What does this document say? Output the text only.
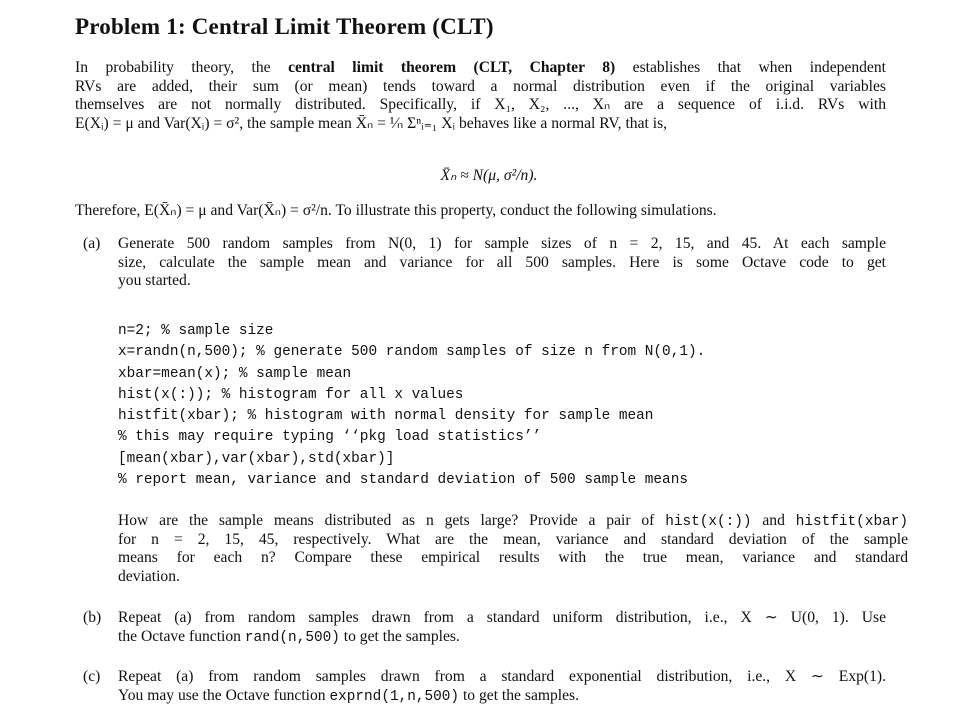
Problem 1: Central Limit Theorem (CLT)
In probability theory, the central limit theorem (CLT, Chapter 8) establishes that when independent
RVs are added, their sum (or mean) tends toward a normal distribution even if the original variables
themselves are not normally distributed. Specifically, if X₁, X₂, ..., Xₙ are a sequence of i.i.d. RVs with
E(Xᵢ) = μ and Var(Xᵢ) = σ², the sample mean X̄ₙ = ¹⁄ₙ Σⁿᵢ₌₁ Xᵢ behaves like a normal RV, that is,
X̄ₙ ≈ N(μ, σ²/n).
Therefore, E(X̄ₙ) = μ and Var(X̄ₙ) = σ²/n. To illustrate this property, conduct the following simulations.
(a) Generate 500 random samples from N(0, 1) for sample sizes of n = 2, 15, and 45. At each sample
size, calculate the sample mean and variance for all 500 samples. Here is some Octave code to get
you started.
n=2; % sample size
x=randn(n,500); % generate 500 random samples of size n from N(0,1).
xbar=mean(x); % sample mean
hist(x(:)); % histogram for all x values
histfit(xbar); % histogram with normal density for sample mean
% this may require typing ‘‘pkg load statistics’’
[mean(xbar),var(xbar),std(xbar)]
% report mean, variance and standard deviation of 500 sample means
How are the sample means distributed as n gets large? Provide a pair of hist(x(:)) and histfit(xbar)
for n = 2, 15, 45, respectively. What are the mean, variance and standard deviation of the sample
means for each n? Compare these empirical results with the true mean, variance and standard
deviation.
(b) Repeat (a) from random samples drawn from a standard uniform distribution, i.e., X ∼ U(0, 1). Use
the Octave function rand(n,500) to get the samples.
(c) Repeat (a) from random samples drawn from a standard exponential distribution, i.e., X ∼ Exp(1).
You may use the Octave function exprnd(1,n,500) to get the samples.
